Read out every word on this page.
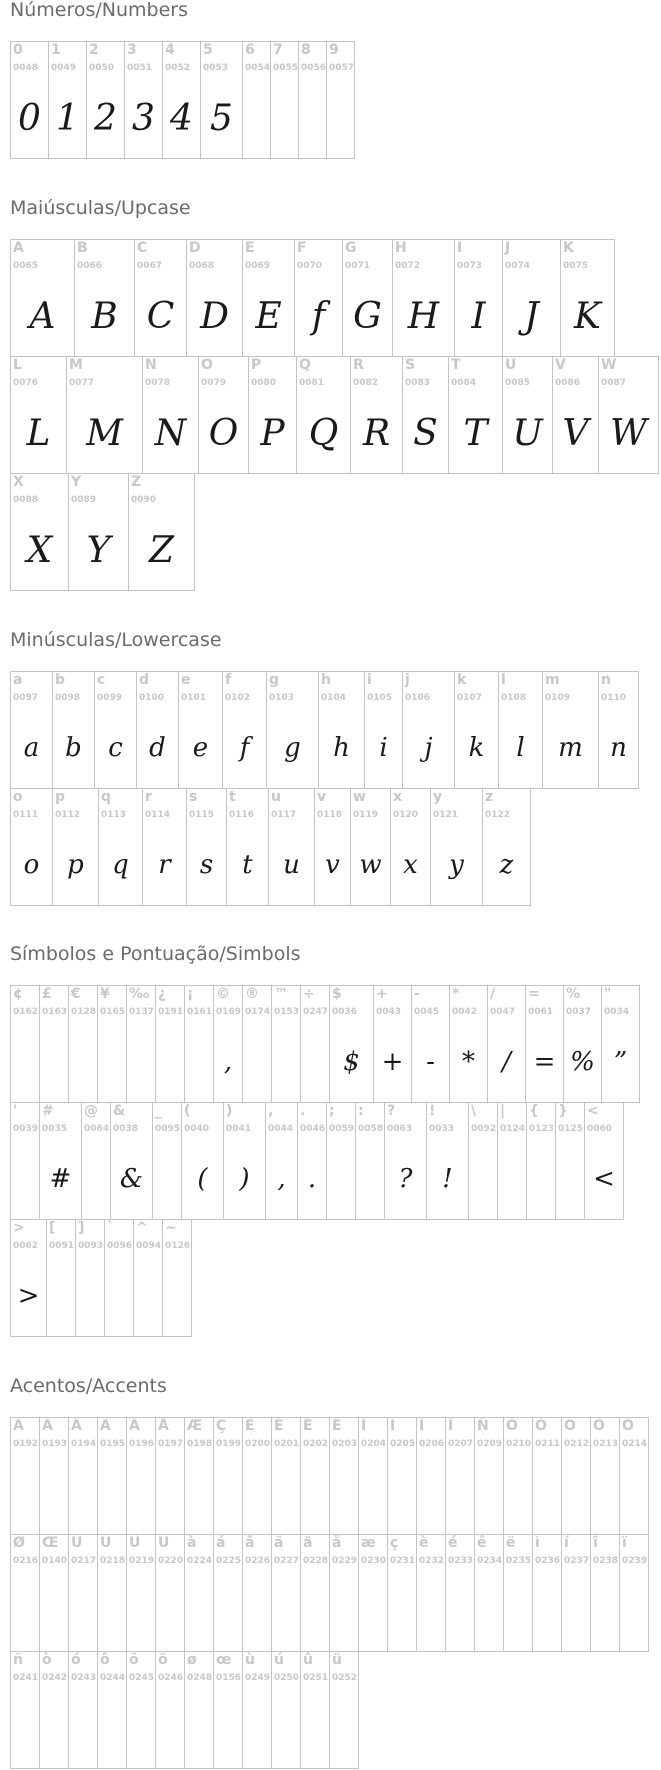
Números/Numbers
Maiúsculas/Upcase
Minúsculas/Lowercase
Símbolos e Pontuação/Simbols
Acentos/Accents
0
0048
0
1
0049
1
2
0050
2
3
0051
3
4
0052
4
5
0053
5
6
0054
7
0055
8
0056
9
0057
A
0065
A
B
0066
B
C
0067
C
D
0068
D
E
0069
E
F
0070
f
G
0071
G
H
0072
H
I
0073
I
J
0074
J
K
0075
K
L
0076
L
M
0077
M
N
0078
N
O
0079
O
P
0080
P
Q
0081
Q
R
0082
R
S
0083
S
T
0084
T
U
0085
U
V
0086
V
W
0087
W
X
0088
X
Y
0089
Y
Z
0090
Z
a
0097
a
b
0098
b
c
0099
c
d
0100
d
e
0101
e
f
0102
f
g
0103
g
h
0104
h
i
0105
i
j
0106
j
k
0107
k
l
0108
l
m
0109
m
n
0110
n
o
0111
o
p
0112
p
q
0113
q
r
0114
r
s
0115
s
t
0116
t
u
0117
u
v
0118
v
w
0119
w
x
0120
x
y
0121
y
z
0122
z
¢
0162
£
0163
€
0128
¥
0165
‰
0137
¿
0191
¡
0161
©
0169
,
®
0174
™
0153
÷
0247
$
0036
$
+
0043
+
-
0045
-
*
0042
*
/
0047
/
=
0061
=
%
0037
%
"
0034
”
'
0039
#
0035
#
@
0064
&
0038
&
_
0095
(
0040
(
)
0041
)
,
0044
,
.
0046
.
;
0059
:
0058
?
0063
?
!
0033
!
\
0092
|
0124
{
0123
}
0125
<
0060
<
>
0062
>
[
0091
]
0093
`
0096
^
0094
~
0126
À
0192
Á
0193
Â
0194
Ã
0195
Ä
0196
Å
0197
Æ
0198
Ç
0199
È
0200
É
0201
Ê
0202
Ë
0203
Ì
0204
Í
0205
Î
0206
Ï
0207
Ñ
0209
Ò
0210
Ó
0211
Ô
0212
Õ
0213
Ö
0214
Ø
0216
Œ
0140
Ù
0217
Ú
0218
Û
0219
Ü
0220
à
0224
á
0225
â
0226
ã
0227
ä
0228
å
0229
æ
0230
ç
0231
è
0232
é
0233
ê
0234
ë
0235
ì
0236
í
0237
î
0238
ï
0239
ñ
0241
ò
0242
ó
0243
ô
0244
õ
0245
ö
0246
ø
0248
œ
0156
ù
0249
ú
0250
û
0251
ü
0252
